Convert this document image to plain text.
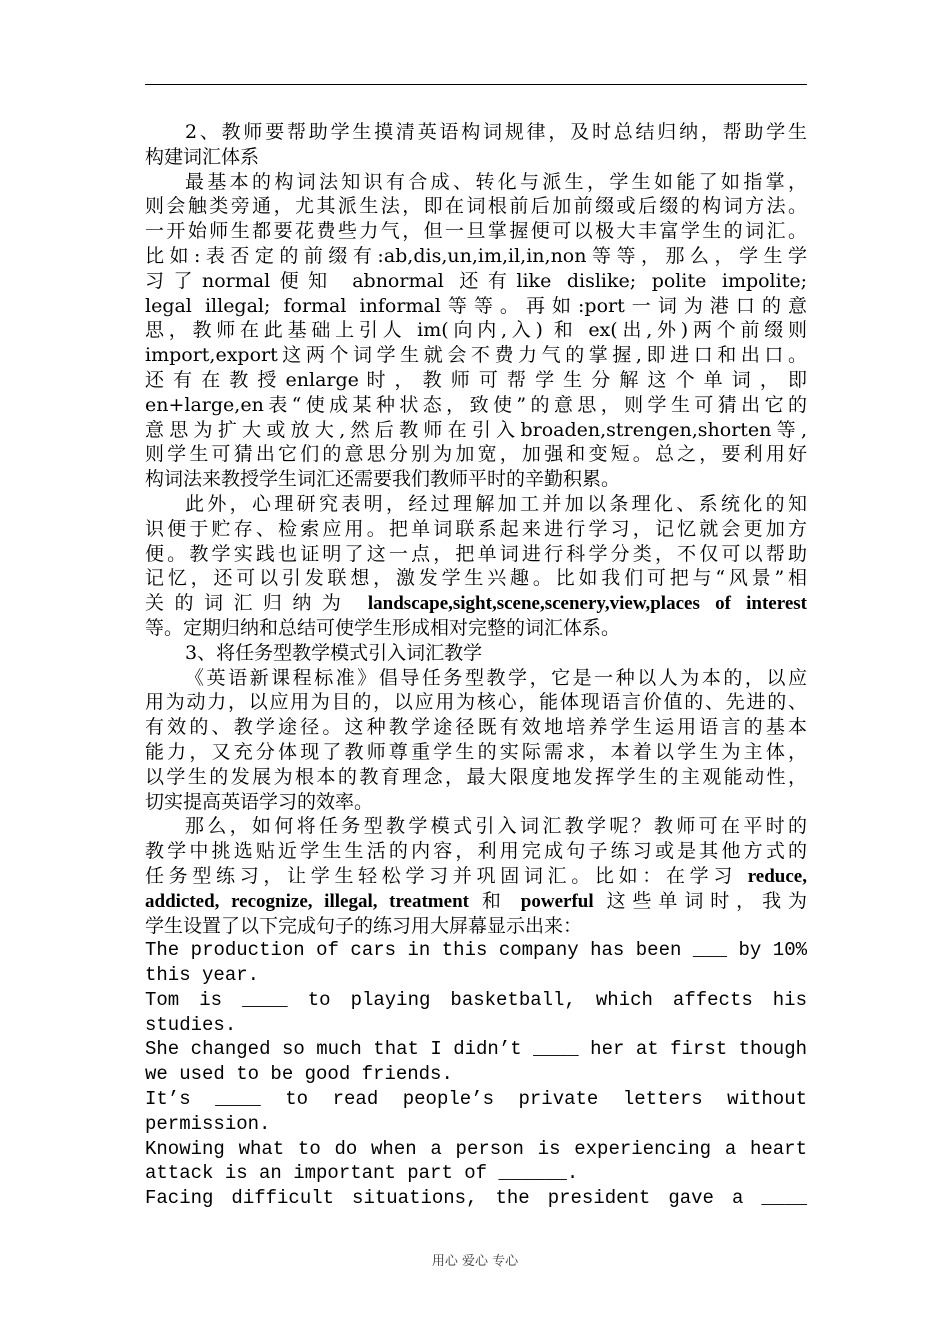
2、教师要帮助学生摸清英语构词规律，及时总结归纳，帮助学生
构建词汇体系
最基本的构词法知识有合成、转化与派生，学生如能了如指掌，
则会触类旁通，尤其派生法，即在词根前后加前缀或后缀的构词方法。
一开始师生都要花费些力气，但一旦掌握便可以极大丰富学生的词汇。
比如:表否定的前缀有:ab,dis,un,im,il,in,non等等，那么，学生学
习了normal便知 abnormal 还有like dislike; polite impolite;
legal illegal; formal informal等等。再如:port一词为港口的意
思，教师在此基础上引人 im(向内,入) 和 ex(出,外)两个前缀则
import,export这两个词学生就会不费力气的掌握,即进口和出口。
还 有 在 教 授 enlarge 时 ， 教 师 可 帮 学 生 分 解 这 个 单 词 ， 即
en+large,en表“使成某种状态，致使”的意思，则学生可猜出它的
意思为扩大或放大,然后教师在引入broaden,strengen,shorten等,
则学生可猜出它们的意思分别为加宽，加强和变短。总之，要利用好
构词法来教授学生词汇还需要我们教师平时的辛勤积累。
此外，心理研究表明，经过理解加工并加以条理化、系统化的知
识便于贮存、检索应用。把单词联系起来进行学习，记忆就会更加方
便。教学实践也证明了这一点，把单词进行科学分类，不仅可以帮助
记忆，还可以引发联想，激发学生兴趣。比如我们可把与“风景”相
关的词汇归纳为 landscape,sight,scene,scenery,view,places of interest
等。定期归纳和总结可使学生形成相对完整的词汇体系。
3、将任务型教学模式引入词汇教学
《英语新课程标准》倡导任务型教学，它是一种以人为本的，以应
用为动力，以应用为目的，以应用为核心，能体现语言价值的、先进的、
有效的、教学途径。这种教学途径既有效地培养学生运用语言的基本
能力，又充分体现了教师尊重学生的实际需求，本着以学生为主体，
以学生的发展为根本的教育理念，最大限度地发挥学生的主观能动性，
切实提高英语学习的效率。
那么，如何将任务型教学模式引入词汇教学呢？教师可在平时的
教学中挑选贴近学生生活的内容，利用完成句子练习或是其他方式的
任务型练习，让学生轻松学习并巩固词汇。比如：在学习 reduce,
addicted, recognize, illegal, treatment 和 powerful 这些单词时，我为
学生设置了以下完成句子的练习用大屏幕显示出来：
The production of cars in this company has been ___ by 10%
this year.
Tom is ____ to playing basketball, which affects his
studies.
She changed so much that I didn’t ____ her at first though
we used to be good friends.
It’s ____ to read people’s private letters without
permission.
Knowing what to do when a person is experiencing a heart
attack is an important part of ______.
Facing difficult situations, the president gave a ____
用心 爱心 专心
